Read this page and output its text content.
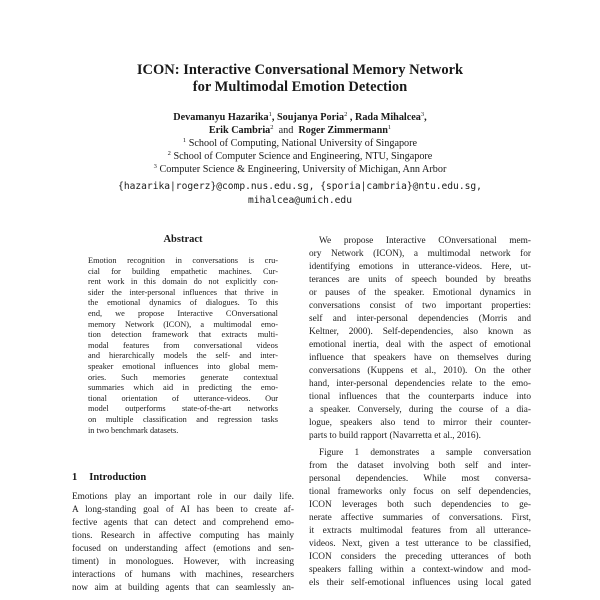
ICON: Interactive Conversational Memory Network
for Multimodal Emotion Detection
Devamanyu Hazarika$^1$, Soujanya Poria$^2$ , Rada Mihalcea$^3$,
Erik Cambria$^2$  and  Roger Zimmermann$^1$
$^1$ School of Computing, National University of Singapore
$^2$ School of Computer Science and Engineering, NTU, Singapore
$^3$ Computer Science & Engineering, University of Michigan, Ann Arbor
{hazarika|rogerz}@comp.nus.edu.sg, {sporia|cambria}@ntu.edu.sg,
mihalcea@umich.edu
Abstract
Emotion recognition in conversations is cru-
cial for building empathetic machines. Cur-
rent work in this domain do not explicitly con-
sider the inter-personal influences that thrive in
the emotional dynamics of dialogues. To this
end, we propose Interactive COnversational
memory Network (ICON), a multimodal emo-
tion detection framework that extracts multi-
modal features from conversational videos
and hierarchically models the self- and inter-
speaker emotional influences into global mem-
ories. Such memories generate contextual
summaries which aid in predicting the emo-
tional orientation of utterance-videos. Our
model outperforms state-of-the-art networks
on multiple classification and regression tasks
in two benchmark datasets.
1 Introduction
Emotions play an important role in our daily life.
A long-standing goal of AI has been to create af-
fective agents that can detect and comprehend emo-
tions. Research in affective computing has mainly
focused on understanding affect (emotions and sen-
timent) in monologues. However, with increasing
interactions of humans with machines, researchers
now aim at building agents that can seamlessly an-
We propose Interactive COnversational mem-
ory Network (ICON), a multimodal network for
identifying emotions in utterance-videos. Here, ut-
terances are units of speech bounded by breaths
or pauses of the speaker. Emotional dynamics in
conversations consist of two important properties:
self and inter-personal dependencies (Morris and
Keltner, 2000). Self-dependencies, also known as
emotional inertia, deal with the aspect of emotional
influence that speakers have on themselves during
conversations (Kuppens et al., 2010). On the other
hand, inter-personal dependencies relate to the emo-
tional influences that the counterparts induce into
a speaker. Conversely, during the course of a dia-
logue, speakers also tend to mirror their counter-
parts to build rapport (Navarretta et al., 2016).
Figure 1 demonstrates a sample conversation
from the dataset involving both self and inter-
personal dependencies. While most conversa-
tional frameworks only focus on self dependencies,
ICON leverages both such dependencies to ge-
nerate affective summaries of conversations. First,
it extracts multimodal features from all utterance-
videos. Next, given a test utterance to be classified,
ICON considers the preceding utterances of both
speakers falling within a context-window and mod-
els their self-emotional influences using local gated
